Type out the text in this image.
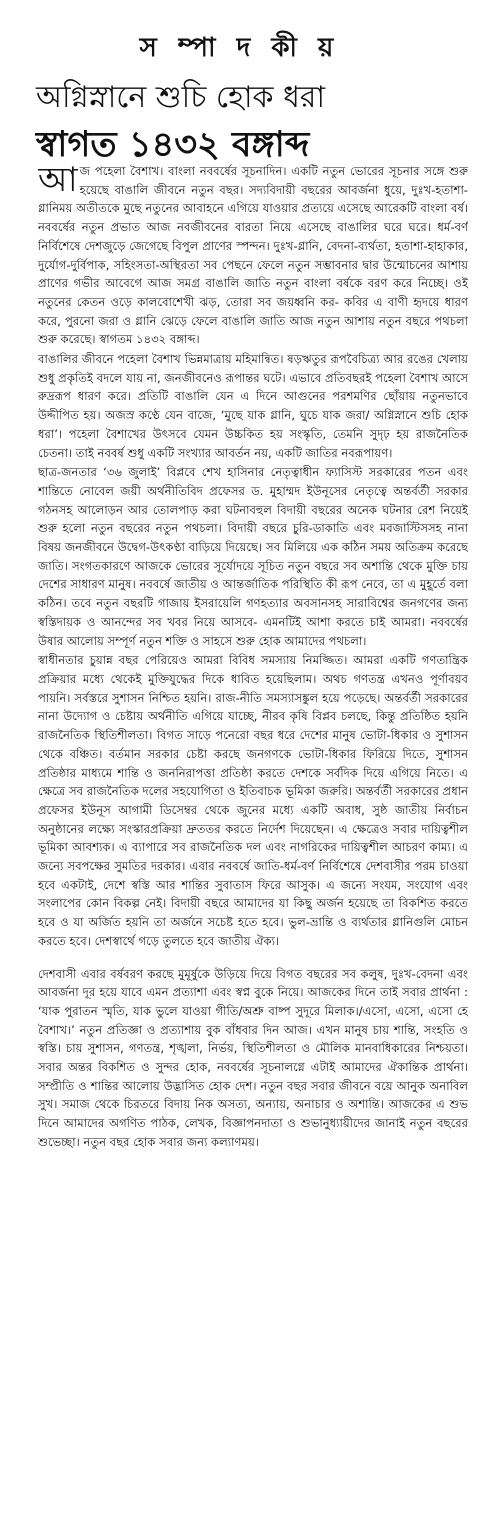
স ম্পা দ কী য়
অগ্নিস্নানে শুচি হোক ধরা
স্বাগত ১৪৩২ বঙ্গাব্দ

আজ পহেলা বৈশাখ। বাংলা নববর্ষের সূচনাদিন। একটি নতুন ভোরের সূচনার সঙ্গে শুরু হয়েছে বাঙালি জীবনে নতুন বছর। সদ্যবিদায়ী বছরের আবর্জনা ধুয়ে, দুঃখ-হতাশা-গ্লানিময় অতীতকে মুছে নতুনের আবাহনে এগিয়ে যাওয়ার প্রত্যয়ে এসেছে আরেকটি বাংলা বর্ষ। নববর্ষের নতুন প্রভাত আজ নবজীবনের বারতা নিয়ে এসেছে বাঙালির ঘরে ঘরে। ধর্ম-বর্ণ নির্বিশেষে দেশজুড়ে জেগেছে বিপুল প্রাণের স্পন্দন। দুঃখ-গ্লানি, বেদনা-ব্যর্থতা, হতাশা-হাহাকার, দুর্যোগ-দুর্বিপাক, সহিংসতা-অস্থিরতা সব পেছনে ফেলে নতুন সম্ভাবনার দ্বার উন্মোচনের আশায় প্রাণের গভীর আবেগে আজ সমগ্র বাঙালি জাতি নতুন বাংলা বর্ষকে বরণ করে নিচ্ছে। ওই নতুনের কেতন ওড়ে কালবোশেখী ঝড়, তোরা সব জয়ধ্বনি কর- কবির এ বাণী হৃদয়ে ধারণ করে, পুরনো জরা ও গ্লানি ঝেড়ে ফেলে বাঙালি জাতি আজ নতুন আশায় নতুন বছরে পথচলা শুরু করেছে। স্বাগতম ১৪৩২ বঙ্গাব্দ।

বাঙালির জীবনে পহেলা বৈশাখ ভিন্নমাত্রায় মহিমান্বিত। ষড়ঋতুর রূপবৈচিত্র্য আর রঙের খেলায় শুধু প্রকৃতিই বদলে যায় না, জনজীবনেও রূপান্তর ঘটে। এভাবে প্রতিবছরই পহেলা বৈশাখ আসে রুদ্ররূপ ধারণ করে। প্রতিটি বাঙালি যেন এ দিনে আগুনের পরশমণির ছোঁয়ায় নতুনভাবে উদ্দীপিত হয়। অজস্র কণ্ঠে যেন বাজে, ‘মুছে যাক গ্লানি, ঘুচে যাক জরা/ অগ্নিস্নানে শুচি হোক ধরা’। পহেলা বৈশাখের উৎসবে যেমন উচ্চকিত হয় সংস্কৃতি, তেমনি সুদৃঢ় হয় রাজনৈতিক চেতনা। তাই নববর্ষ শুধু একটি সংখ্যার আবর্তন নয়, একটি জাতির নবরূপায়ণ।

ছাত্র-জনতার ‘৩৬ জুলাই’ বিপ্লবে শেখ হাসিনার নেতৃত্বাধীন ফ্যাসিস্ট সরকারের পতন এবং শান্তিতে নোবেল জয়ী অর্থনীতিবিদ প্রফেসর ড. মুহাম্মদ ইউনূসের নেতৃত্বে অন্তর্বর্তী সরকার গঠনসহ আলোড়ন আর তোলপাড় করা ঘটনাবহুল বিদায়ী বছরের অনেক ঘটনার রেশ নিয়েই শুরু হলো নতুন বছরের নতুন পথচলা। বিদায়ী বছরে চুরি-ডাকাতি এবং মবজাস্টিসসহ নানা বিষয় জনজীবনে উদ্বেগ-উৎকণ্ঠা বাড়িয়ে দিয়েছে। সব মিলিয়ে এক কঠিন সময় অতিক্রম করেছে জাতি। সংগতকারণে আজকে ভোরের সূর্যোদয়ে সূচিত নতুন বছরে সব অশান্তি থেকে মুক্তি চায় দেশের সাধারণ মানুষ। নববর্ষে জাতীয় ও আন্তর্জাতিক পরিস্থিতি কী রূপ নেবে, তা এ মুহূর্তে বলা কঠিন। তবে নতুন বছরটি গাজায় ইসরায়েলি গণহত্যার অবসানসহ সারাবিশ্বের জনগণের জন্য স্বস্তিদায়ক ও আনন্দের সব খবর নিয়ে আসবে- এমনটিই আশা করতে চাই আমরা। নববর্ষের উষার আলোয় সম্পূর্ণ নতুন শক্তি ও সাহসে শুরু হোক আমাদের পথচলা।

স্বাধীনতার চুয়ান্ন বছর পেরিয়েও আমরা বিবিধ সমস্যায় নিমজ্জিত। আমরা একটি গণতান্ত্রিক প্রক্রিয়ার মধ্যে থেকেই মুক্তিযুদ্ধের দিকে ধাবিত হয়েছিলাম। অথচ গণতন্ত্র এখনও পূর্ণাবয়ব পায়নি। সর্বস্তরে সুশাসন নিশ্চিত হয়নি। রাজ-নীতি সমস্যাসঙ্কুল হয়ে পড়েছে। অন্তর্বর্তী সরকারের নানা উদ্যোগ ও চেষ্টায় অর্থনীতি এগিয়ে যাচ্ছে, নীরব কৃষি বিপ্লব চলছে, কিন্তু প্রতিষ্ঠিত হয়নি রাজনৈতিক স্থিতিশীলতা। বিগত সাড়ে পনেরো বছর ধরে দেশের মানুষ ভোটা-ধিকার ও সুশাসন থেকে বঞ্চিত। বর্তমান সরকার চেষ্টা করছে জনগণকে ভোটা-ধিকার ফিরিয়ে দিতে, সুশাসন প্রতিষ্ঠার মাধ্যমে শান্তি ও জননিরাপত্তা প্রতিষ্ঠা করতে দেশকে সর্বদিক দিয়ে এগিয়ে নিতে। এ ক্ষেত্রে সব রাজনৈতিক দলের সহযোগিতা ও ইতিবাচক ভূমিকা জরুরি। অন্তর্বর্তী সরকারের প্রধান প্রফেসর ইউনূস আগামী ডিসেম্বর থেকে জুনের মধ্যে একটি অবাধ, সুষ্ঠ জাতীয় নির্বাচন অনুষ্ঠানের লক্ষ্যে সংস্কারপ্রক্রিয়া দ্রুততর করতে নির্দেশ দিয়েছেন। এ ক্ষেত্রেও সবার দায়িত্বশীল ভূমিকা আবশ্যক। এ ব্যাপারে সব রাজনৈতিক দল এবং নাগরিকের দায়িত্বশীল আচরণ কাম্য। এ জন্যে সবপক্ষের সুমতির দরকার। এবার নববর্ষে জাতি-ধর্ম-বর্ণ নির্বিশেষে দেশবাসীর পরম চাওয়া হবে একটাই, দেশে স্বস্তি আর শান্তির সুবাতাস ফিরে আসুক। এ জন্যে সংযম, সংযোগ এবং সংলাপের কোন বিকল্প নেই। বিদায়ী বছরে আমাদের যা কিছু অর্জন হয়েছে তা বিকশিত করতে হবে ও যা অর্জিত হয়নি তা অর্জনে সচেষ্ট হতে হবে। ভুল-ভ্রান্তি ও ব্যর্থতার গ্লানিগুলি মোচন করতে হবে। দেশস্বার্থে গড়ে তুলতে হবে জাতীয় ঐক্য।

দেশবাসী এবার বর্ষবরণ করছে মুমূর্ষুকে উড়িয়ে দিয়ে বিগত বছরের সব কলুষ, দুঃখ-বেদনা এবং আবর্জনা দূর হয়ে যাবে এমন প্রত্যাশা এবং স্বপ্ন বুকে নিয়ে। আজকের দিনে তাই সবার প্রার্থনা : ‘যাক পুরাতন স্মৃতি, যাক ভুলে যাওয়া গীতি/অশ্রু বাষ্প সুদূরে মিলাক।/এসো, এসো, এসো হে বৈশাখ।’ নতুন প্রতিজ্ঞা ও প্রত্যাশায় বুক বাঁধবার দিন আজ। এখন মানুষ চায় শান্তি, সংহতি ও স্বস্তি। চায় সুশাসন, গণতন্ত্র, শৃঙ্খলা, নির্ভয়, স্থিতিশীলতা ও মৌলিক মানবাধিকারের নিশ্চয়তা। সবার অন্তর বিকশিত ও সুন্দর হোক, নববর্ষের সূচনালগ্নে এটাই আমাদের ঐকান্তিক প্রার্থনা। সম্প্রীতি ও শান্তির আলোয় উদ্ভাসিত হোক দেশ। নতুন বছর সবার জীবনে বয়ে আনুক অনাবিল সুখ। সমাজ থেকে চিরতরে বিদায় নিক অসত্য, অন্যায়, অনাচার ও অশান্তি। আজকের এ শুভ দিনে আমাদের অগণিত পাঠক, লেখক, বিজ্ঞাপনদাতা ও শুভানুধ্যায়ীদের জানাই নতুন বছরের শুভেচ্ছা। নতুন বছর হোক সবার জন্য কল্যাণময়।
